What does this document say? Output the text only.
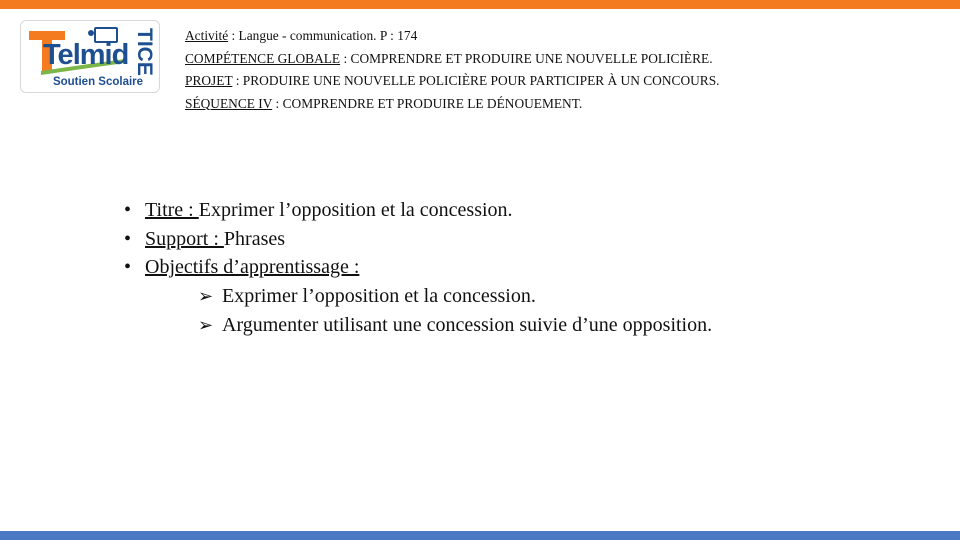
Telmid TICE
Soutien Scolaire
Activité : Langue - communication. P : 174
COMPÉTENCE GLOBALE : COMPRENDRE ET PRODUIRE UNE NOUVELLE POLICIÈRE.
PROJET : PRODUIRE UNE NOUVELLE POLICIÈRE POUR PARTICIPER À UN CONCOURS.
SÉQUENCE IV : COMPRENDRE ET PRODUIRE LE DÉNOUEMENT.
• Titre : Exprimer l’opposition et la concession.
• Support : Phrases
• Objectifs d’apprentissage :
➢ Exprimer l’opposition et la concession.
➢ Argumenter utilisant une concession suivie d’une opposition.
